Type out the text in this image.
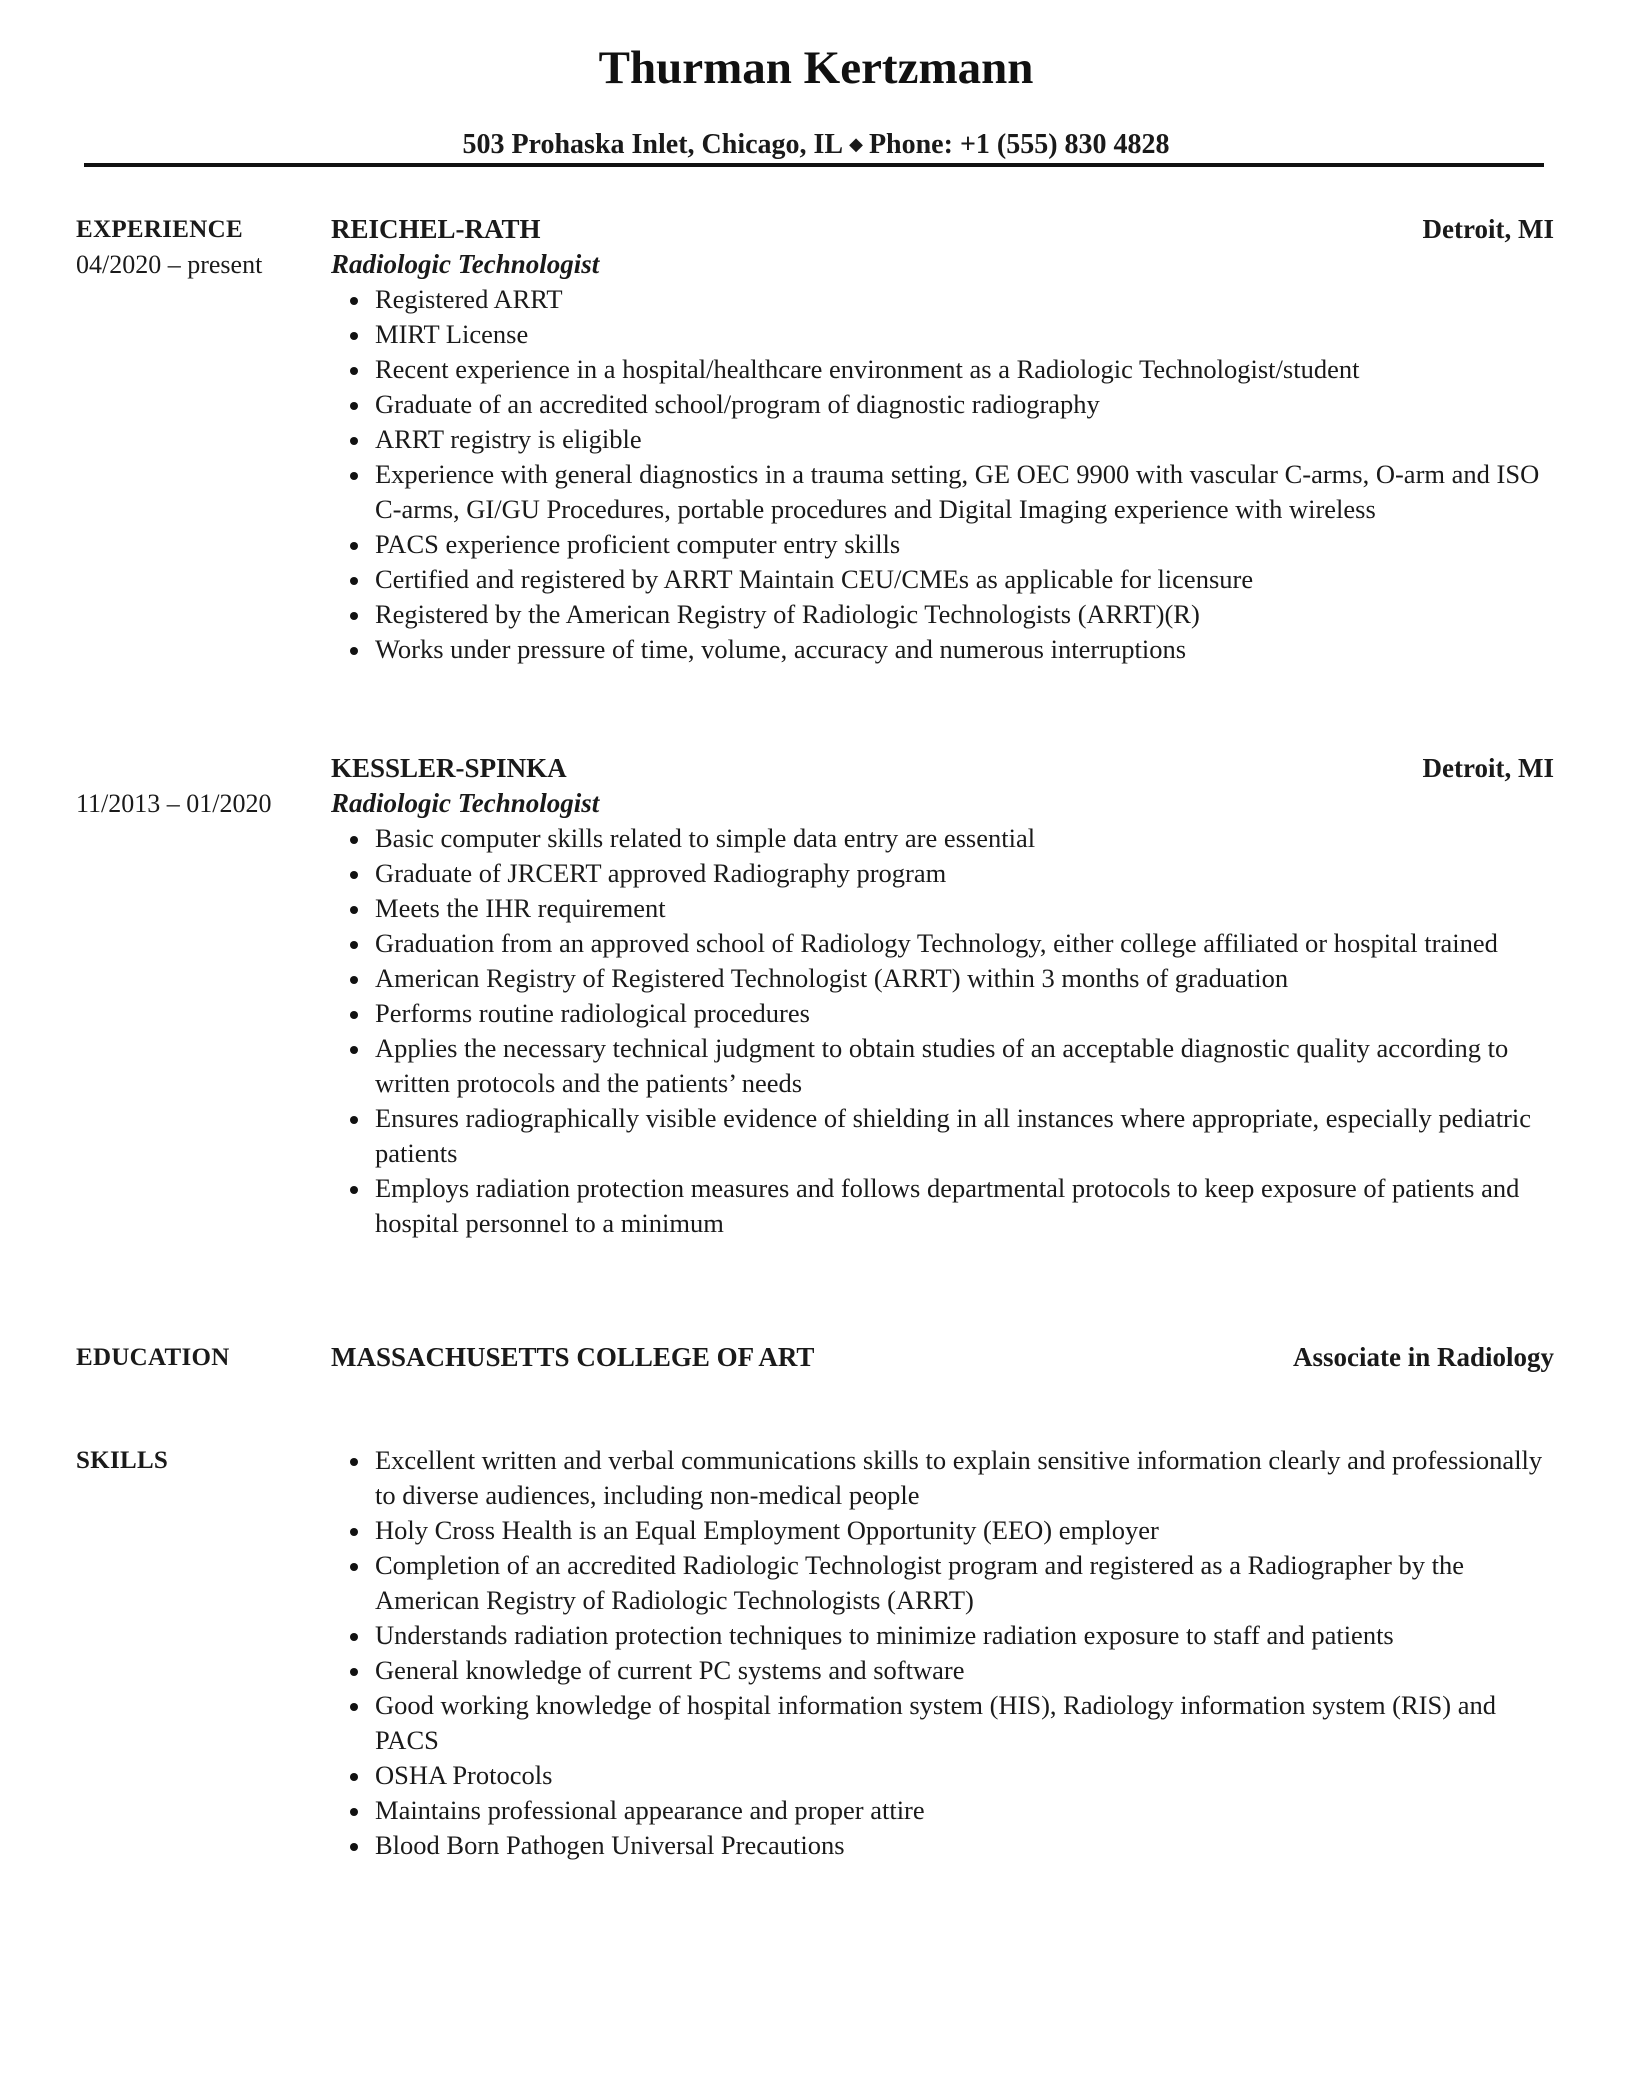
Thurman Kertzmann
503 Prohaska Inlet, Chicago, IL ◆ Phone: +1 (555) 830 4828
EXPERIENCE
04/2020 – present
REICHEL-RATH	Detroit, MI
Radiologic Technologist
Registered ARRT
MIRT License
Recent experience in a hospital/healthcare environment as a Radiologic Technologist/student
Graduate of an accredited school/program of diagnostic radiography
ARRT registry is eligible
Experience with general diagnostics in a trauma setting, GE OEC 9900 with vascular C-arms, O-arm and ISO C-arms, GI/GU Procedures, portable procedures and Digital Imaging experience with wireless
PACS experience proficient computer entry skills
Certified and registered by ARRT Maintain CEU/CMEs as applicable for licensure
Registered by the American Registry of Radiologic Technologists (ARRT)(R)
Works under pressure of time, volume, accuracy and numerous interruptions
11/2013 – 01/2020
KESSLER-SPINKA	Detroit, MI
Radiologic Technologist
Basic computer skills related to simple data entry are essential
Graduate of JRCERT approved Radiography program
Meets the IHR requirement
Graduation from an approved school of Radiology Technology, either college affiliated or hospital trained
American Registry of Registered Technologist (ARRT) within 3 months of graduation
Performs routine radiological procedures
Applies the necessary technical judgment to obtain studies of an acceptable diagnostic quality according to written protocols and the patients’ needs
Ensures radiographically visible evidence of shielding in all instances where appropriate, especially pediatric patients
Employs radiation protection measures and follows departmental protocols to keep exposure of patients and hospital personnel to a minimum
EDUCATION	MASSACHUSETTS COLLEGE OF ART	Associate in Radiology
SKILLS	Excellent written and verbal communications skills to explain sensitive information clearly and professionally to diverse audiences, including non-medical people
Holy Cross Health is an Equal Employment Opportunity (EEO) employer
Completion of an accredited Radiologic Technologist program and registered as a Radiographer by the American Registry of Radiologic Technologists (ARRT)
Understands radiation protection techniques to minimize radiation exposure to staff and patients
General knowledge of current PC systems and software
Good working knowledge of hospital information system (HIS), Radiology information system (RIS) and PACS
OSHA Protocols
Maintains professional appearance and proper attire
Blood Born Pathogen Universal Precautions
